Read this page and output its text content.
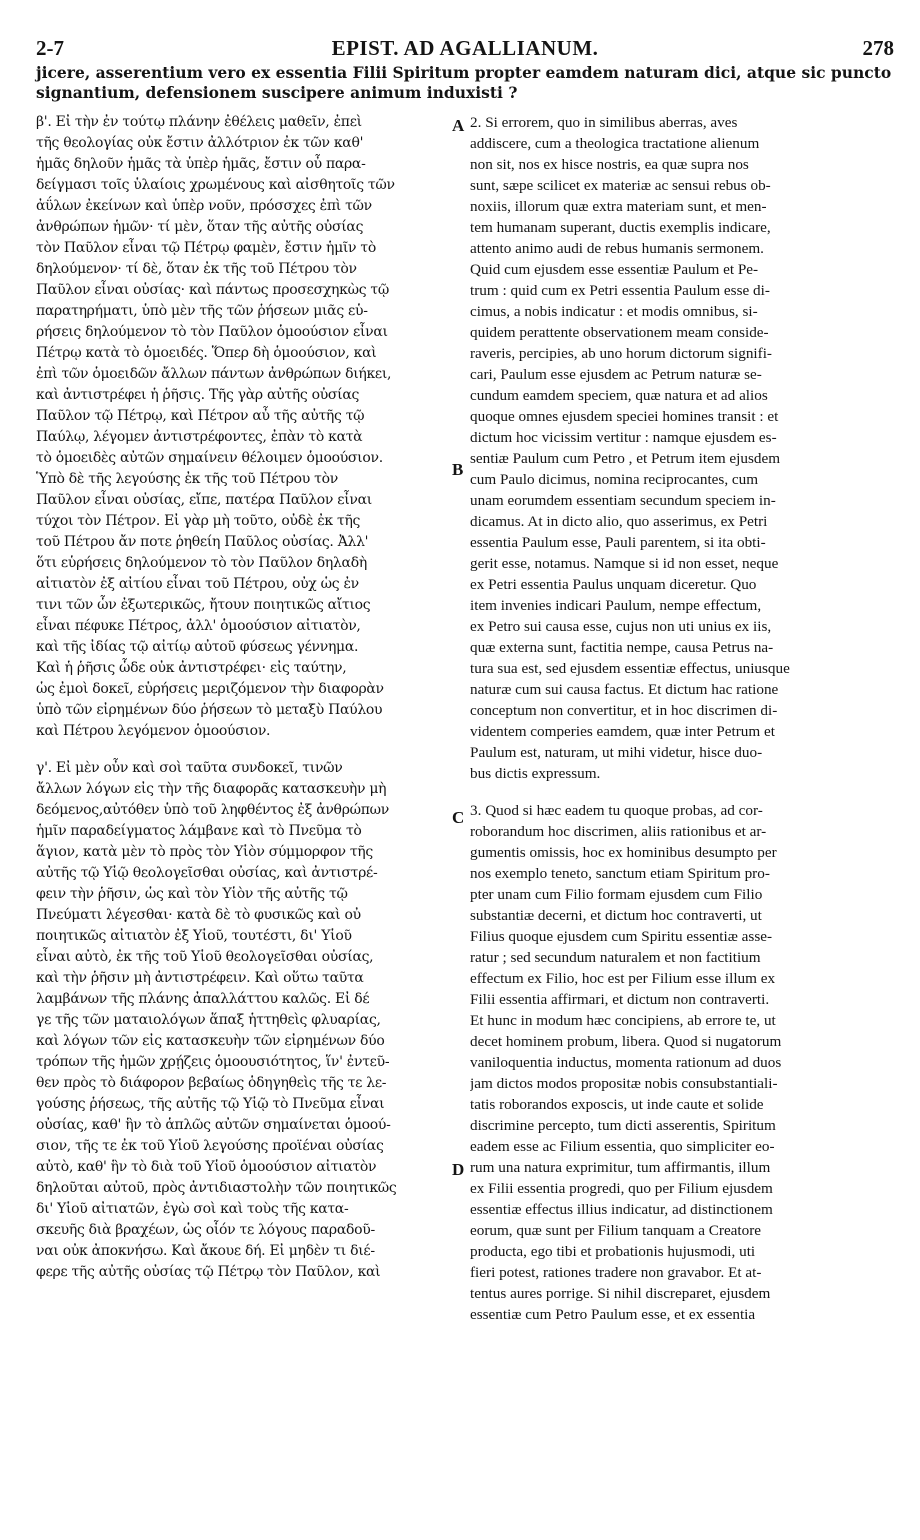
2-7	EPIST. AD AGALLIANUM.	278
jicere, asserentium vero ex essentia Filii Spiritum propter eamdem naturam dici, atque sic puncto
signantium, defensionem suscipere animum induxisti ?
β'. Εἰ τὴν ἐν τούτῳ πλάνην ἐθέλεις μαθεῖν, ἐπεὶ
τῆς θεολογίας οὐκ ἔστιν ἀλλότριον ἐκ τῶν καθ'
ἡμᾶς δηλοῦν ἡμᾶς τὰ ὑπὲρ ἡμᾶς, ἔστιν οὖ παρα-
δείγμασι τοῖς ὑλαίοις χρωμένους καὶ αἰσθητοῖς τῶν
ἀΰλων ἐκείνων καὶ ὑπὲρ νοῦν, πρόσσχες ἐπὶ τῶν
ἀνθρώπων ἡμῶν· τί μὲν, ὅταν τῆς αὐτῆς οὐσίας
τὸν Παῦλον εἶναι τῷ Πέτρῳ φαμὲν, ἔστιν ἡμῖν τὸ
δηλούμενον· τί δὲ, ὅταν ἐκ τῆς τοῦ Πέτρου τὸν
Παῦλον εἶναι οὐσίας· καὶ πάντως προσεσχηκὼς τῷ
παρατηρήματι, ὑπὸ μὲν τῆς τῶν ῥήσεων μιᾶς εὑ-
ρήσεις δηλούμενον τὸ τὸν Παῦλον ὁμοούσιον εἶναι
Πέτρῳ κατὰ τὸ ὁμοειδές. Ὅπερ δὴ ὁμοούσιον, καὶ
ἐπὶ τῶν ὁμοειδῶν ἄλλων πάντων ἀνθρώπων διήκει,
καὶ ἀντιστρέφει ἡ ῥῆσις. Τῆς γὰρ αὐτῆς οὐσίας
Παῦλον τῷ Πέτρῳ, καὶ Πέτρον αὖ τῆς αὐτῆς τῷ
Παύλῳ, λέγομεν ἀντιστρέφοντες, ἐπὰν τὸ κατὰ
τὸ ὁμοειδὲς αὐτῶν σημαίνειν θέλοιμεν ὁμοούσιον.
Ὑπὸ δὲ τῆς λεγούσης ἐκ τῆς τοῦ Πέτρου τὸν
Παῦλον εἶναι οὐσίας, εἴπε, πατέρα Παῦλον εἶναι
τύχοι τὸν Πέτρον. Εἰ γὰρ μὴ τοῦτο, οὐδὲ ἐκ τῆς
τοῦ Πέτρου ἄν ποτε ῥηθείη Παῦλος οὐσίας. Ἀλλ'
ὅτι εὑρήσεις δηλούμενον τὸ τὸν Παῦλον δηλαδὴ
αἰτιατὸν ἐξ αἰτίου εἶναι τοῦ Πέτρου, οὐχ ὡς ἐν
τινι τῶν ὧν ἐξωτερικῶς, ἤτουν ποιητικῶς αἴτιος
εἶναι πέφυκε Πέτρος, ἀλλ' ὁμοούσιον αἰτιατὸν,
καὶ τῆς ἰδίας τῷ αἰτίῳ αὐτοῦ φύσεως γέννημα.
Καὶ ἡ ῥῆσις ὧδε οὐκ ἀντιστρέφει· εἰς ταύτην,
ὡς ἐμοὶ δοκεῖ, εὑρήσεις μεριζόμενον τὴν διαφορὰν
ὑπὸ τῶν εἰρημένων δύο ῥήσεων τὸ μεταξὺ Παύλου
καὶ Πέτρου λεγόμενον ὁμοούσιον.
γ'. Εἰ μὲν οὖν καὶ σοὶ ταῦτα συνδοκεῖ, τινῶν
ἄλλων λόγων εἰς τὴν τῆς διαφορᾶς κατασκευὴν μὴ
δεόμενος,αὐτόθεν ὑπὸ τοῦ ληφθέντος ἐξ ἀνθρώπων
ἡμῖν παραδείγματος λάμβανε καὶ τὸ Πνεῦμα τὸ
ἅγιον, κατὰ μὲν τὸ πρὸς τὸν Υἱὸν σύμμορφον τῆς
αὐτῆς τῷ Υἱῷ θεολογεῖσθαι οὐσίας, καὶ ἀντιστρέ-
φειν τὴν ῥῆσιν, ὡς καὶ τὸν Υἱὸν τῆς αὐτῆς τῷ
Πνεύματι λέγεσθαι· κατὰ δὲ τὸ φυσικῶς καὶ οὐ
ποιητικῶς αἰτιατὸν ἐξ Υἱοῦ, τουτέστι, δι' Υἱοῦ
εἶναι αὐτὸ, ἐκ τῆς τοῦ Υἱοῦ θεολογεῖσθαι οὐσίας,
καὶ τὴν ῥῆσιν μὴ ἀντιστρέφειν. Καὶ οὕτω ταῦτα
λαμβάνων τῆς πλάνης ἀπαλλάττου καλῶς. Εἰ δέ
γε τῆς τῶν ματαιολόγων ἅπαξ ἡττηθεὶς φλυαρίας,
καὶ λόγων τῶν εἰς κατασκευὴν τῶν εἰρημένων δύο
τρόπων τῆς ἡμῶν χρῄζεις ὁμοουσιότητος, ἵν' ἐντεῦ-
θεν πρὸς τὸ διάφορον βεβαίως ὁδηγηθεὶς τῆς τε λε-
γούσης ῥήσεως, τῆς αὐτῆς τῷ Υἱῷ τὸ Πνεῦμα εἶναι
οὐσίας, καθ' ἣν τὸ ἁπλῶς αὐτῶν σημαίνεται ὁμοού-
σιον, τῆς τε ἐκ τοῦ Υἱοῦ λεγούσης προϊέναι οὐσίας
αὐτὸ, καθ' ἣν τὸ διὰ τοῦ Υἱοῦ ὁμοούσιον αἰτιατὸν
δηλοῦται αὐτοῦ, πρὸς ἀντιδιαστολὴν τῶν ποιητικῶς
δι' Υἱοῦ αἰτιατῶν, ἐγὼ σοὶ καὶ τοὺς τῆς κατα-
σκευῆς διὰ βραχέων, ὡς οἷόν τε λόγους παραδοῦ-
ναι οὐκ ἀποκνήσω. Καὶ ἄκουε δή. Εἰ μηδὲν τι διέ-
φερε τῆς αὐτῆς οὐσίας τῷ Πέτρῳ τὸν Παῦλον, καὶ
2. Si errorem, quo in similibus aberras, aves
addiscere, cum a theologica tractatione alienum
non sit, nos ex hisce nostris, ea quæ supra nos
sunt, sæpe scilicet ex materiæ ac sensui rebus ob-
noxiis, illorum quæ extra materiam sunt, et men-
tem humanam superant, ductis exemplis indicare,
attento animo audi de rebus humanis sermonem.
Quid cum ejusdem esse essentiæ Paulum et Pe-
trum : quid cum ex Petri essentia Paulum esse di-
cimus, a nobis indicatur : et modis omnibus, si-
quidem perattente observationem meam conside-
raveris, percipies, ab uno horum dictorum signifi-
cari, Paulum esse ejusdem ac Petrum naturæ se-
cundum eamdem speciem, quæ natura et ad alios
quoque omnes ejusdem speciei homines transit : et
dictum hoc vicissim vertitur : namque ejusdem es-
sentiæ Paulum cum Petro , et Petrum item ejusdem
cum Paulo dicimus, nomina reciprocantes, cum
unam eorumdem essentiam secundum speciem in-
dicamus. At in dicto alio, quo asserimus, ex Petri
essentia Paulum esse, Pauli parentem, si ita obti-
gerit esse, notamus. Namque si id non esset, neque
ex Petri essentia Paulus unquam diceretur. Quo
item invenies indicari Paulum, nempe effectum,
ex Petro sui causa esse, cujus non uti unius ex iis,
quæ externa sunt, factitia nempe, causa Petrus na-
tura sua est, sed ejusdem essentiæ effectus, uniusque
naturæ cum sui causa factus. Et dictum hac ratione
conceptum non convertitur, et in hoc discrimen di-
videntem comperies eamdem, quæ inter Petrum et
Paulum est, naturam, ut mihi videtur, hisce duo-
bus dictis expressum.
3. Quod si hæc eadem tu quoque probas, ad cor-
roborandum hoc discrimen, aliis rationibus et ar-
gumentis omissis, hoc ex hominibus desumpto per
nos exemplo teneto, sanctum etiam Spiritum pro-
pter unam cum Filio formam ejusdem cum Filio
substantiæ decerni, et dictum hoc contraverti, ut
Filius quoque ejusdem cum Spiritu essentiæ asse-
ratur ; sed secundum naturalem et non factitium
effectum ex Filio, hoc est per Filium esse illum ex
Filii essentia affirmari, et dictum non contraverti.
Et hunc in modum hæc concipiens, ab errore te, ut
decet hominem probum, libera. Quod si nugatorum
vaniloquentia inductus, momenta rationum ad duos
jam dictos modos propositæ nobis consubstantiali-
tatis roborandos exposcis, ut inde caute et solide
discrimine percepto, tum dicti asserentis, Spiritum
eadem esse ac Filium essentia, quo simpliciter eo-
rum una natura exprimitur, tum affirmantis, illum
ex Filii essentia progredi, quo per Filium ejusdem
essentiæ effectus illius indicatur, ad distinctionem
eorum, quæ sunt per Filium tanquam a Creatore
producta, ego tibi et probationis hujusmodi, uti
fieri potest, rationes tradere non gravabor. Et at-
tentus aures porrige. Si nihil discreparet, ejusdem
essentiæ cum Petro Paulum esse, et ex essentia
A
B
C
D
